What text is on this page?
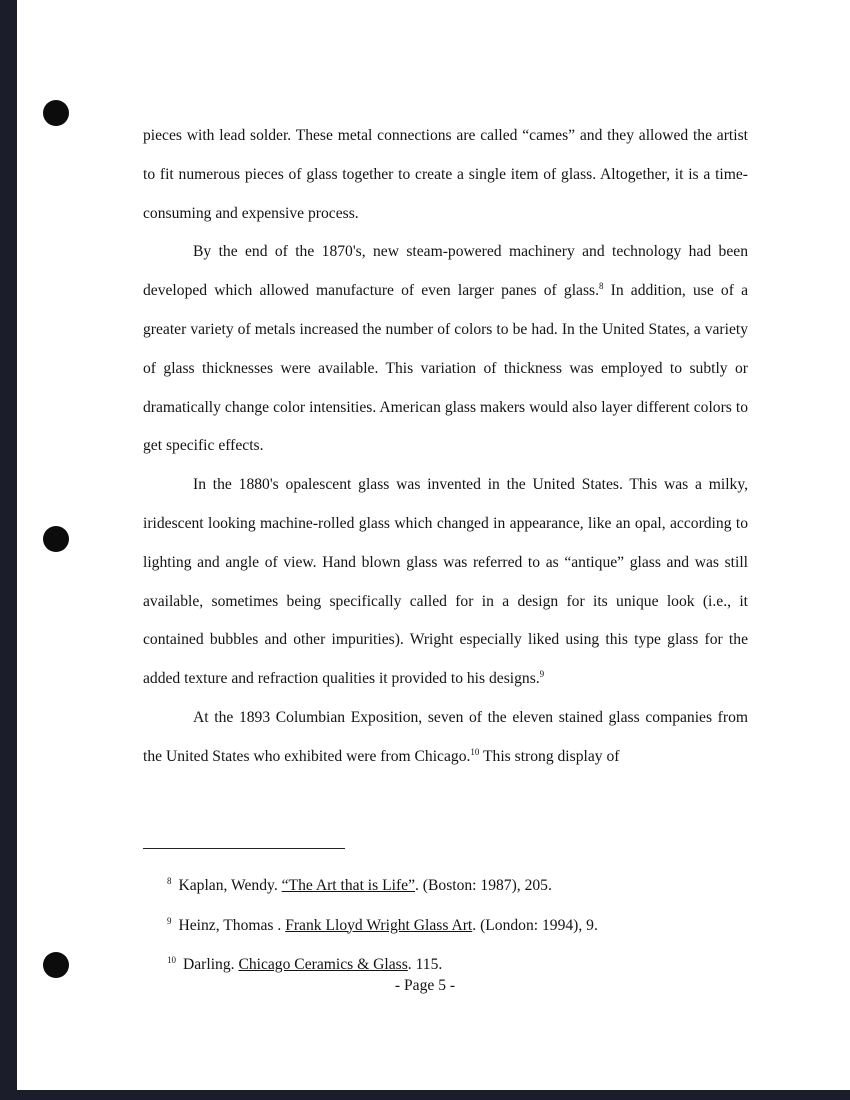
pieces with lead solder. These metal connections are called “cames” and they allowed the artist to fit numerous pieces of glass together to create a single item of glass. Altogether, it is a time-consuming and expensive process.

By the end of the 1870's, new steam-powered machinery and technology had been developed which allowed manufacture of even larger panes of glass.$^8$ In addition, use of a greater variety of metals increased the number of colors to be had. In the United States, a variety of glass thicknesses were available. This variation of thickness was employed to subtly or dramatically change color intensities. American glass makers would also layer different colors to get specific effects.

In the 1880's opalescent glass was invented in the United States. This was a milky, iridescent looking machine-rolled glass which changed in appearance, like an opal, according to lighting and angle of view. Hand blown glass was referred to as “antique” glass and was still available, sometimes being specifically called for in a design for its unique look (i.e., it contained bubbles and other impurities). Wright especially liked using this type glass for the added texture and refraction qualities it provided to his designs.$^9$

At the 1893 Columbian Exposition, seven of the eleven stained glass companies from the United States who exhibited were from Chicago.$^{10}$ This strong display of

$^8$ Kaplan, Wendy. “The Art that is Life”. (Boston: 1987), 205.

$^9$ Heinz, Thomas . Frank Lloyd Wright Glass Art. (London: 1994), 9.

$^{10}$ Darling. Chicago Ceramics & Glass. 115.

- Page 5 -
